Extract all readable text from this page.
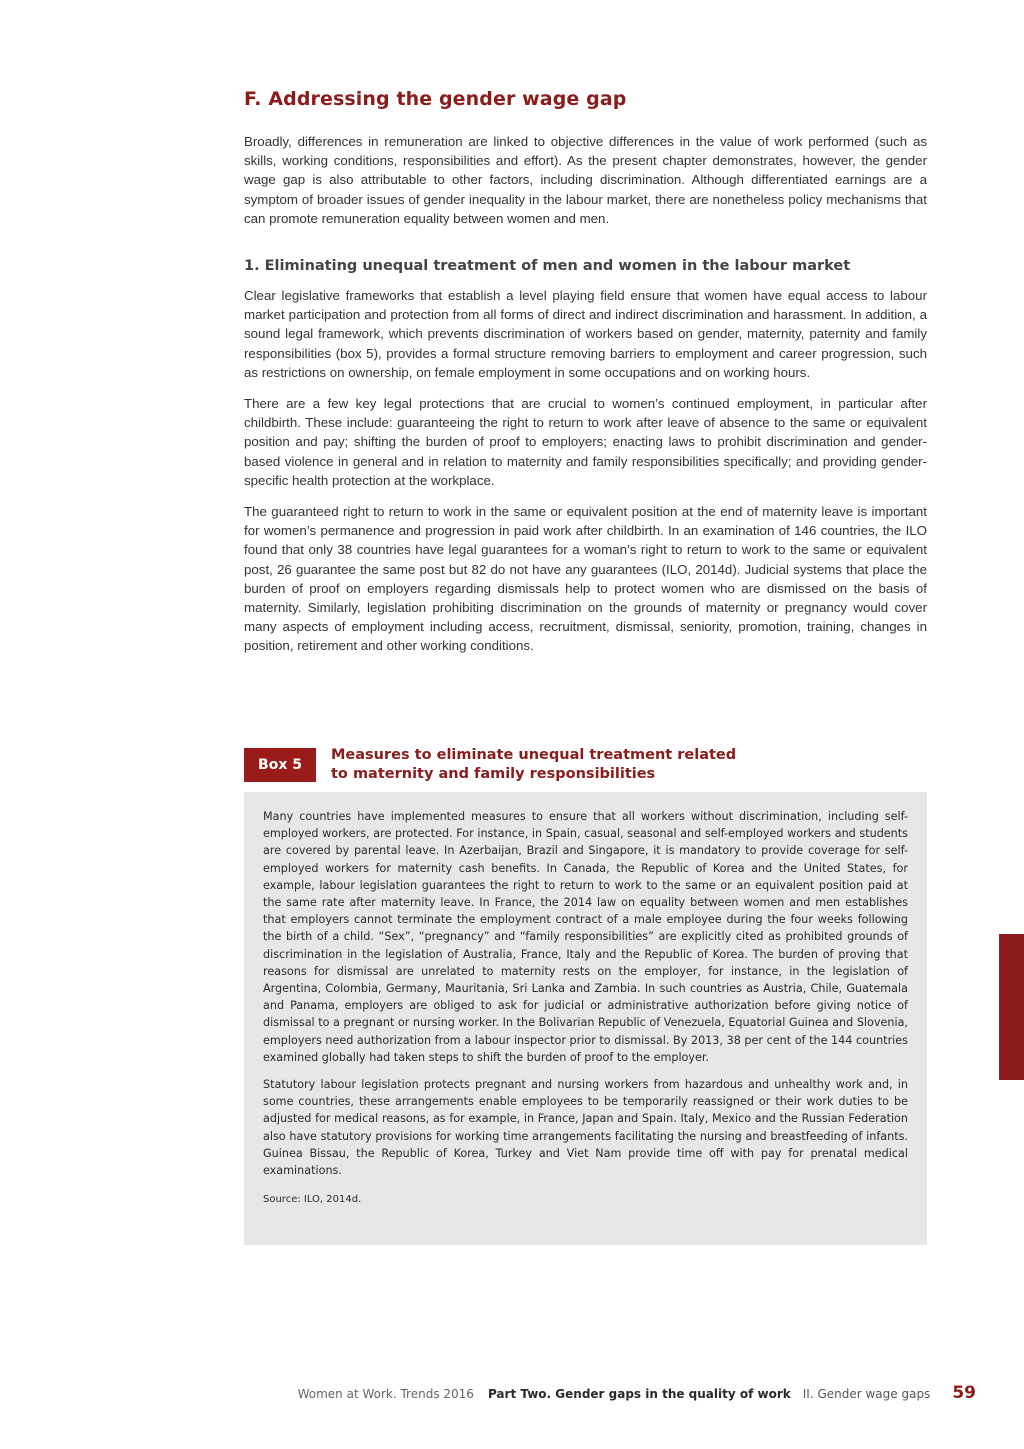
F. Addressing the gender wage gap

Broadly, differences in remuneration are linked to objective differences in the value of work performed (such as skills, working conditions, responsibilities and effort). As the present chapter demonstrates, however, the gender wage gap is also attributable to other factors, including discrimination. Although differentiated earnings are a symptom of broader issues of gender inequality in the labour market, there are nonetheless policy mechanisms that can promote remuneration equality between women and men.

1. Eliminating unequal treatment of men and women in the labour market

Clear legislative frameworks that establish a level playing field ensure that women have equal access to labour market participation and protection from all forms of direct and indirect discrimination and harassment. In addition, a sound legal framework, which prevents discrimination of workers based on gender, maternity, paternity and family responsibilities (box 5), provides a formal structure removing barriers to employment and career progression, such as restrictions on ownership, on female employment in some occupations and on working hours.

There are a few key legal protections that are crucial to women’s continued employment, in particular after childbirth. These include: guaranteeing the right to return to work after leave of absence to the same or equivalent position and pay; shifting the burden of proof to employers; enacting laws to prohibit discrimination and gender-based violence in general and in relation to maternity and family responsibilities specifically; and providing gender-specific health protection at the workplace.

The guaranteed right to return to work in the same or equivalent position at the end of maternity leave is important for women’s permanence and progression in paid work after childbirth. In an examination of 146 countries, the ILO found that only 38 countries have legal guarantees for a woman’s right to return to work to the same or equivalent post, 26 guarantee the same post but 82 do not have any guarantees (ILO, 2014d). Judicial systems that place the burden of proof on employers regarding dismissals help to protect women who are dismissed on the basis of maternity. Similarly, legislation prohibiting discrimination on the grounds of maternity or pregnancy would cover many aspects of employment including access, recruitment, dismissal, seniority, promotion, training, changes in position, retirement and other working conditions.

Box 5
Measures to eliminate unequal treatment related
to maternity and family responsibilities

Many countries have implemented measures to ensure that all workers without discrimination, including self-employed workers, are protected. For instance, in Spain, casual, seasonal and self-employed workers and students are covered by parental leave. In Azerbaijan, Brazil and Singapore, it is mandatory to provide coverage for self-employed workers for maternity cash benefits. In Canada, the Republic of Korea and the United States, for example, labour legislation guarantees the right to return to work to the same or an equivalent position paid at the same rate after maternity leave. In France, the 2014 law on equality between women and men establishes that employers cannot terminate the employment contract of a male employee during the four weeks following the birth of a child. “Sex”, “pregnancy” and “family responsibilities” are explicitly cited as prohibited grounds of discrimination in the legislation of Australia, France, Italy and the Republic of Korea. The burden of proving that reasons for dismissal are unrelated to maternity rests on the employer, for instance, in the legislation of Argentina, Colombia, Germany, Mauritania, Sri Lanka and Zambia. In such countries as Austria, Chile, Guatemala and Panama, employers are obliged to ask for judicial or administrative authorization before giving notice of dismissal to a pregnant or nursing worker. In the Bolivarian Republic of Venezuela, Equatorial Guinea and Slovenia, employers need authorization from a labour inspector prior to dismissal. By 2013, 38 per cent of the 144 countries examined globally had taken steps to shift the burden of proof to the employer.

Statutory labour legislation protects pregnant and nursing workers from hazardous and unhealthy work and, in some countries, these arrangements enable employees to be temporarily reassigned or their work duties to be adjusted for medical reasons, as for example, in France, Japan and Spain. Italy, Mexico and the Russian Federation also have statutory provisions for working time arrangements facilitating the nursing and breastfeeding of infants. Guinea Bissau, the Republic of Korea, Turkey and Viet Nam provide time off with pay for prenatal medical examinations.

Source: ILO, 2014d.

Women at Work. Trends 2016 Part Two. Gender gaps in the quality of work II. Gender wage gaps 59
